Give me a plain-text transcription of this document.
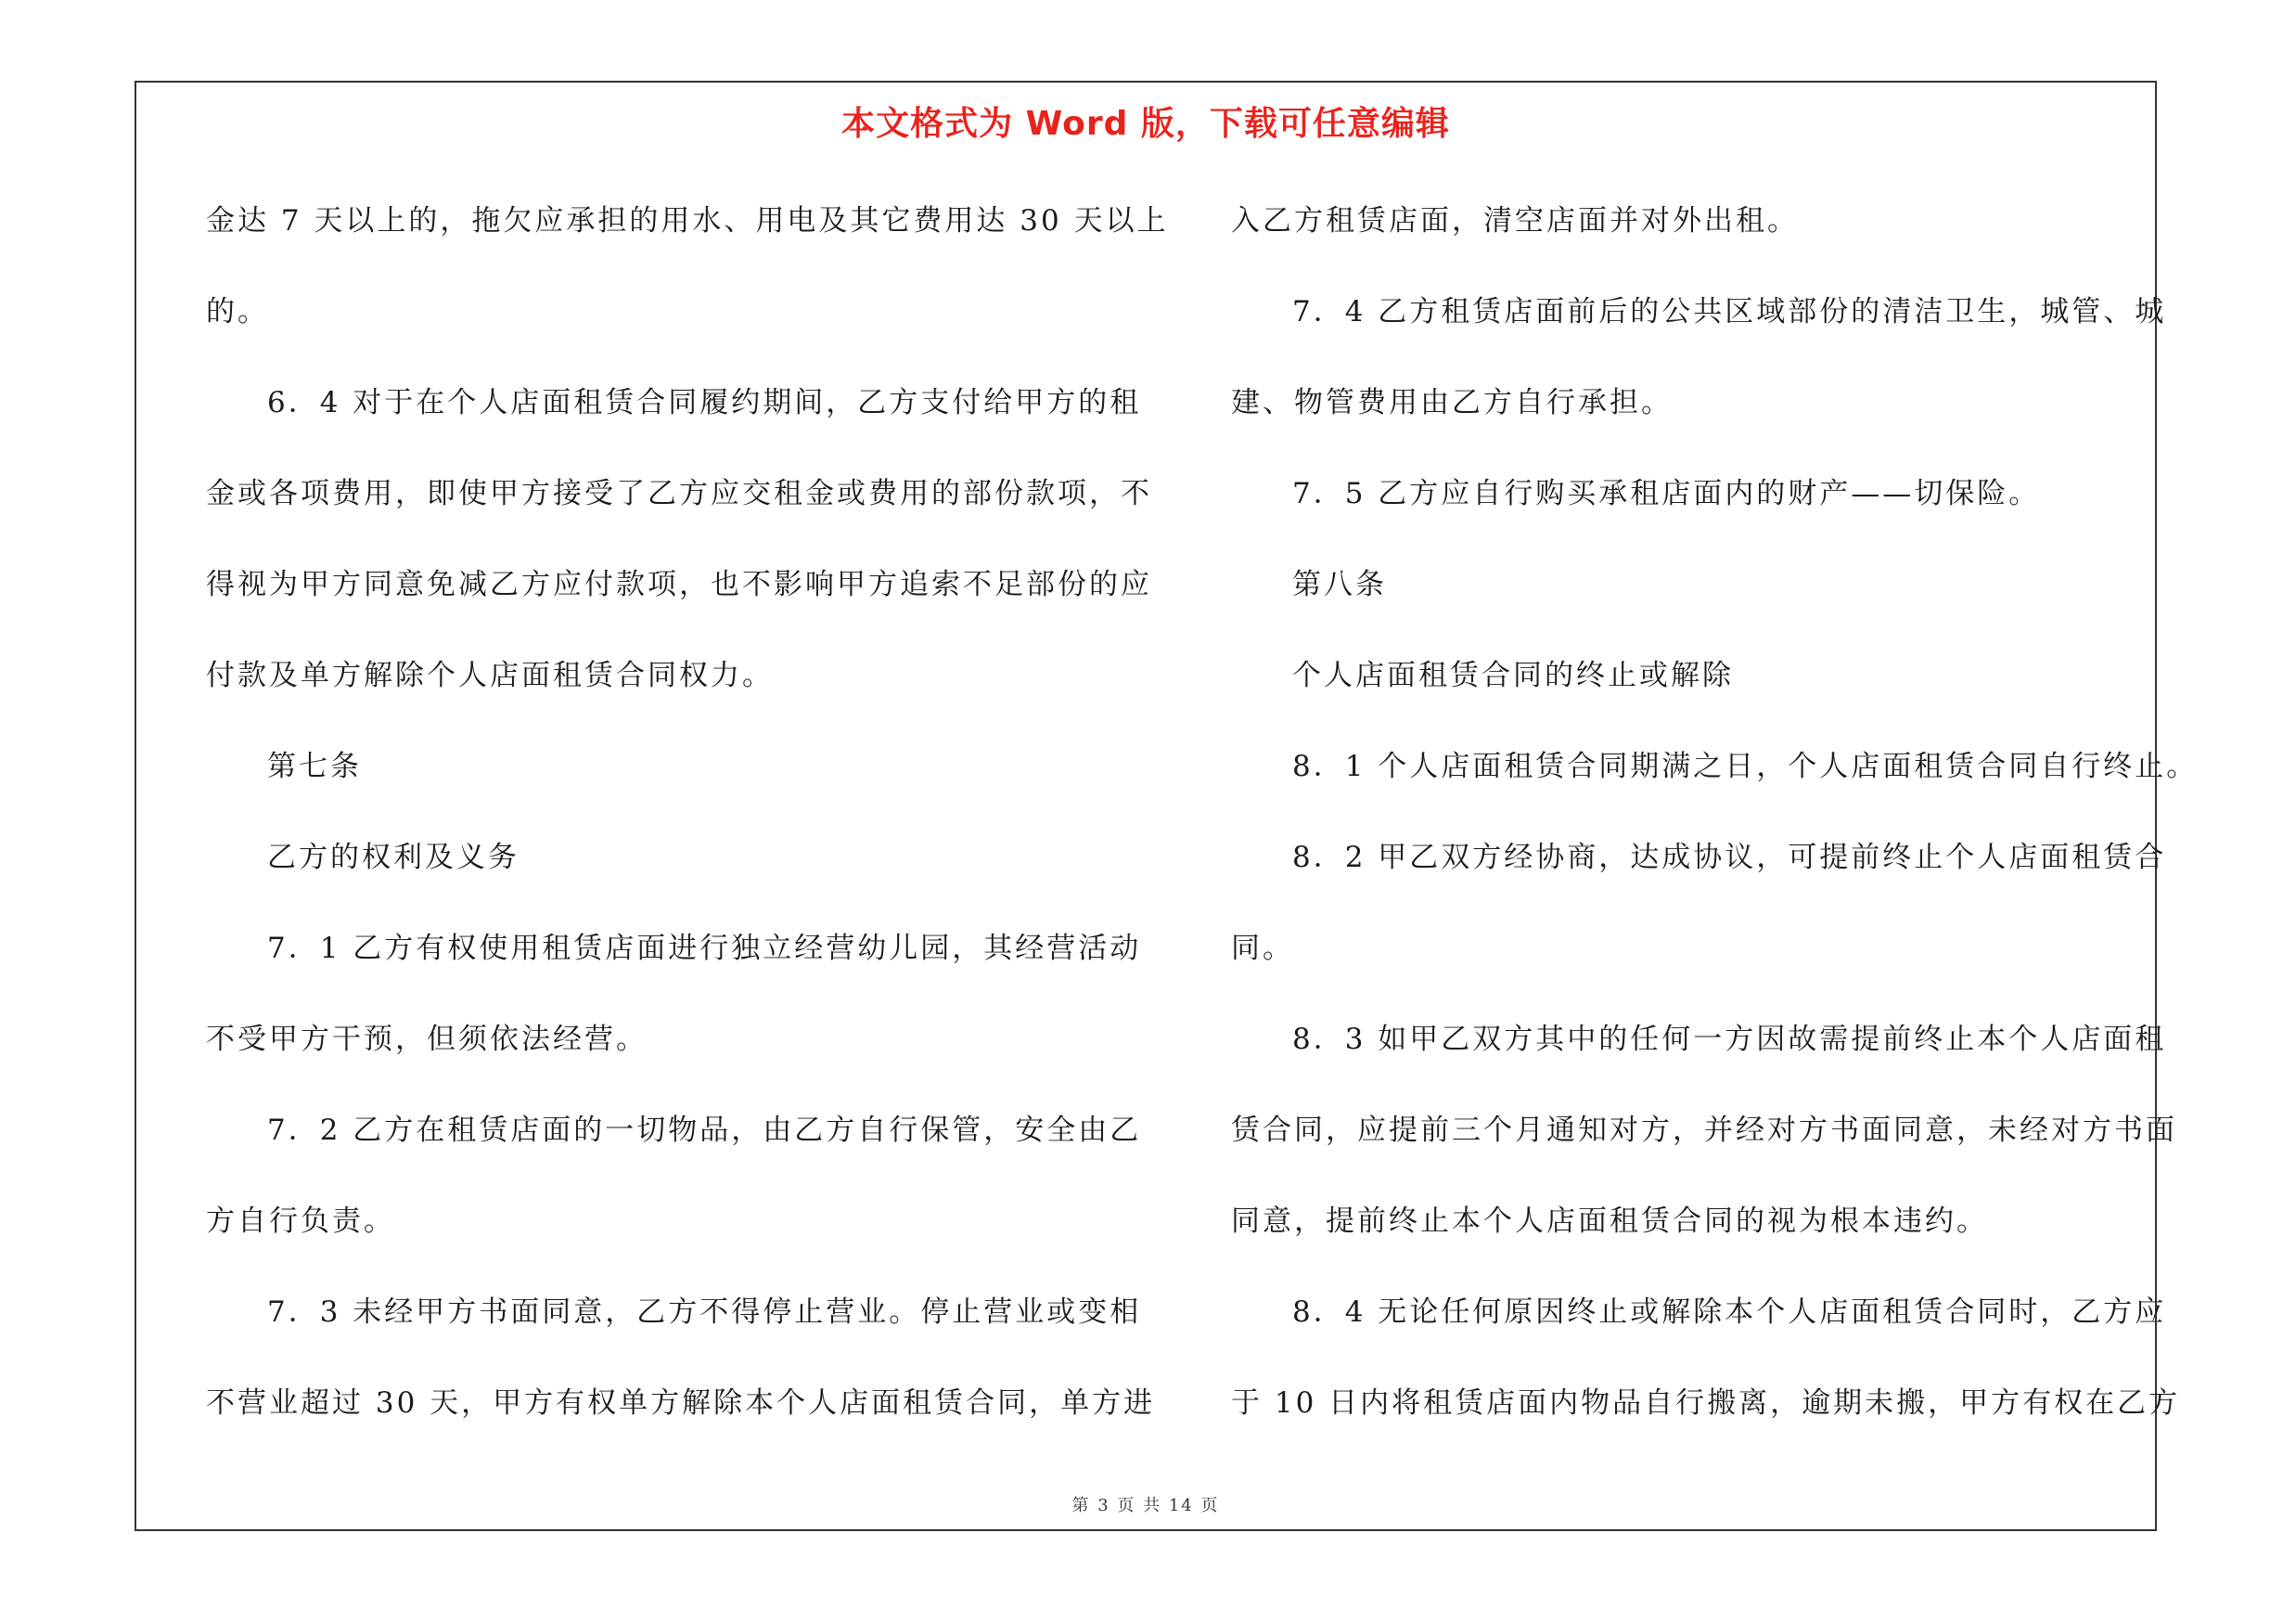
本文格式为 Word 版，下载可任意编辑

金达 7 天以上的，拖欠应承担的用水、用电及其它费用达 30 天以上

的。

6．4 对于在个人店面租赁合同履约期间，乙方支付给甲方的租

金或各项费用，即使甲方接受了乙方应交租金或费用的部份款项，不

得视为甲方同意免减乙方应付款项，也不影响甲方追索不足部份的应

付款及单方解除个人店面租赁合同权力。

第七条

乙方的权利及义务

7．1 乙方有权使用租赁店面进行独立经营幼儿园，其经营活动

不受甲方干预，但须依法经营。

7．2 乙方在租赁店面的一切物品，由乙方自行保管，安全由乙

方自行负责。

7．3 未经甲方书面同意，乙方不得停止营业。停止营业或变相

不营业超过 30 天，甲方有权单方解除本个人店面租赁合同，单方进

入乙方租赁店面，清空店面并对外出租。

7．4 乙方租赁店面前后的公共区域部份的清洁卫生，城管、城

建、物管费用由乙方自行承担。

7．5 乙方应自行购买承租店面内的财产——切保险。

第八条

个人店面租赁合同的终止或解除

8．1 个人店面租赁合同期满之日，个人店面租赁合同自行终止。

8．2 甲乙双方经协商，达成协议，可提前终止个人店面租赁合

同。

8．3 如甲乙双方其中的任何一方因故需提前终止本个人店面租

赁合同，应提前三个月通知对方，并经对方书面同意，未经对方书面

同意，提前终止本个人店面租赁合同的视为根本违约。

8．4 无论任何原因终止或解除本个人店面租赁合同时，乙方应

于 10 日内将租赁店面内物品自行搬离，逾期未搬，甲方有权在乙方

第 3 页 共 14 页
